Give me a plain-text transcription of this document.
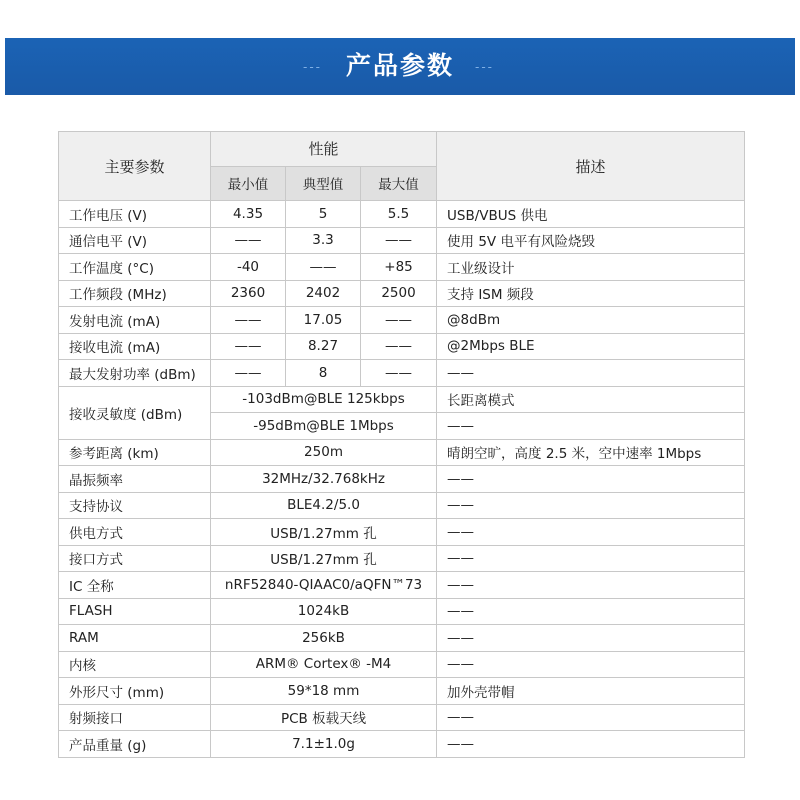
--- 产品参数	---
主要参数	性能			描述
	最小值	典型值	最大值	
工作电压 (V)	4.35	5	5.5	USB/VBUS 供电
通信电平 (V)	——	3.3	——	使用 5V 电平有风险烧毁
工作温度 (°C)	-40	——	+85	工业级设计
工作频段 (MHz)	2360	2402	2500	支持 ISM 频段
发射电流 (mA)	——	17.05	——	@8dBm
接收电流 (mA)	——	8.27	——	@2Mbps BLE
最大发射功率 (dBm)	——	8	——	——
接收灵敏度 (dBm)	-103dBm@BLE 125kbps			长距离模式
	-95dBm@BLE 1Mbps			——
参考距离 (km)	250m			晴朗空旷，高度 2.5 米，空中速率 1Mbps
晶振频率	32MHz/32.768kHz			——
支持协议	BLE4.2/5.0			——
供电方式	USB/1.27mm 孔			——
接口方式	USB/1.27mm 孔			——
IC 全称	nRF52840-QIAAC0/aQFN™73			——
FLASH	1024kB			——
RAM	256kB			——
内核	ARM® Cortex® -M4			——
外形尺寸 (mm)	59*18 mm			加外壳带帽
射频接口	PCB 板载天线			——
产品重量 (g)	7.1±1.0g			——
